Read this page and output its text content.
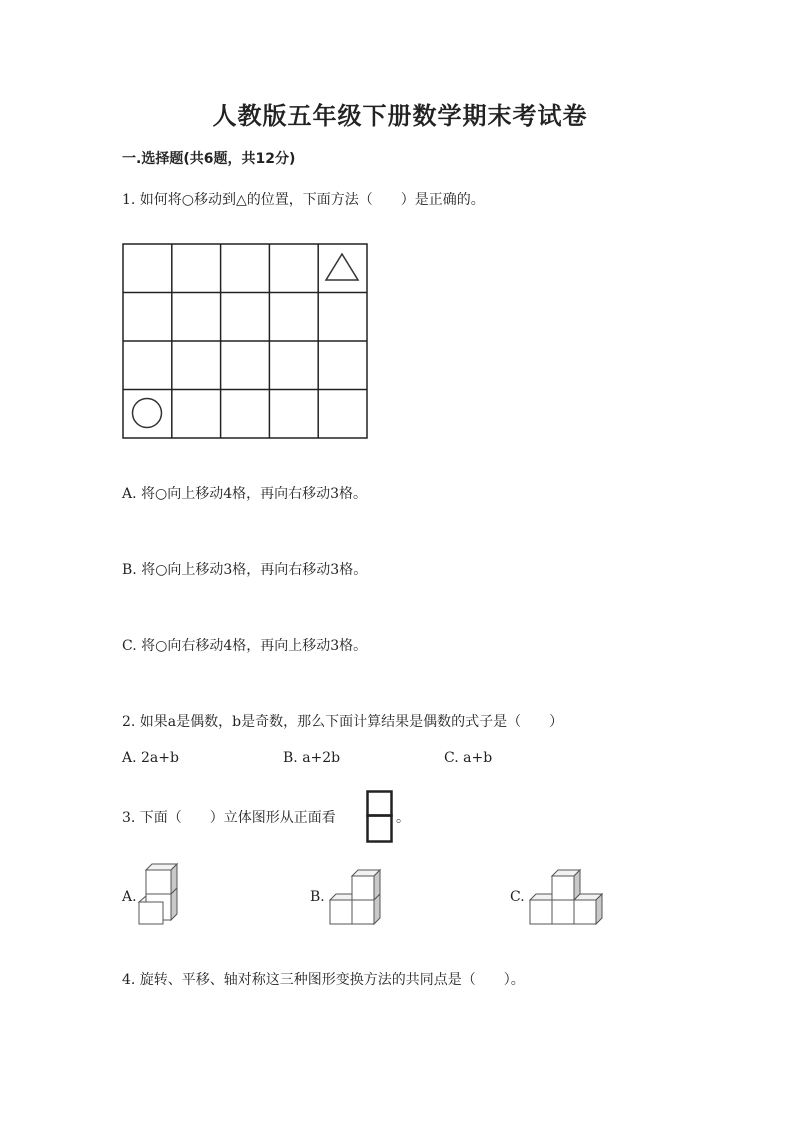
人教版五年级下册数学期末考试卷
一.选择题(共6题，共12分)
1. 如何将○移动到△的位置，下面方法（　　）是正确的。
A. 将○向上移动4格，再向右移动3格。
B. 将○向上移动3格，再向右移动3格。
C. 将○向右移动4格，再向上移动3格。
2. 如果a是偶数，b是奇数，那么下面计算结果是偶数的式子是（　　）
A. 2a+b	B. a+2b	C. a+b
3. 下面（　　）立体图形从正面看	。
A.	B.	C.
4. 旋转、平移、轴对称这三种图形变换方法的共同点是（　　）。
